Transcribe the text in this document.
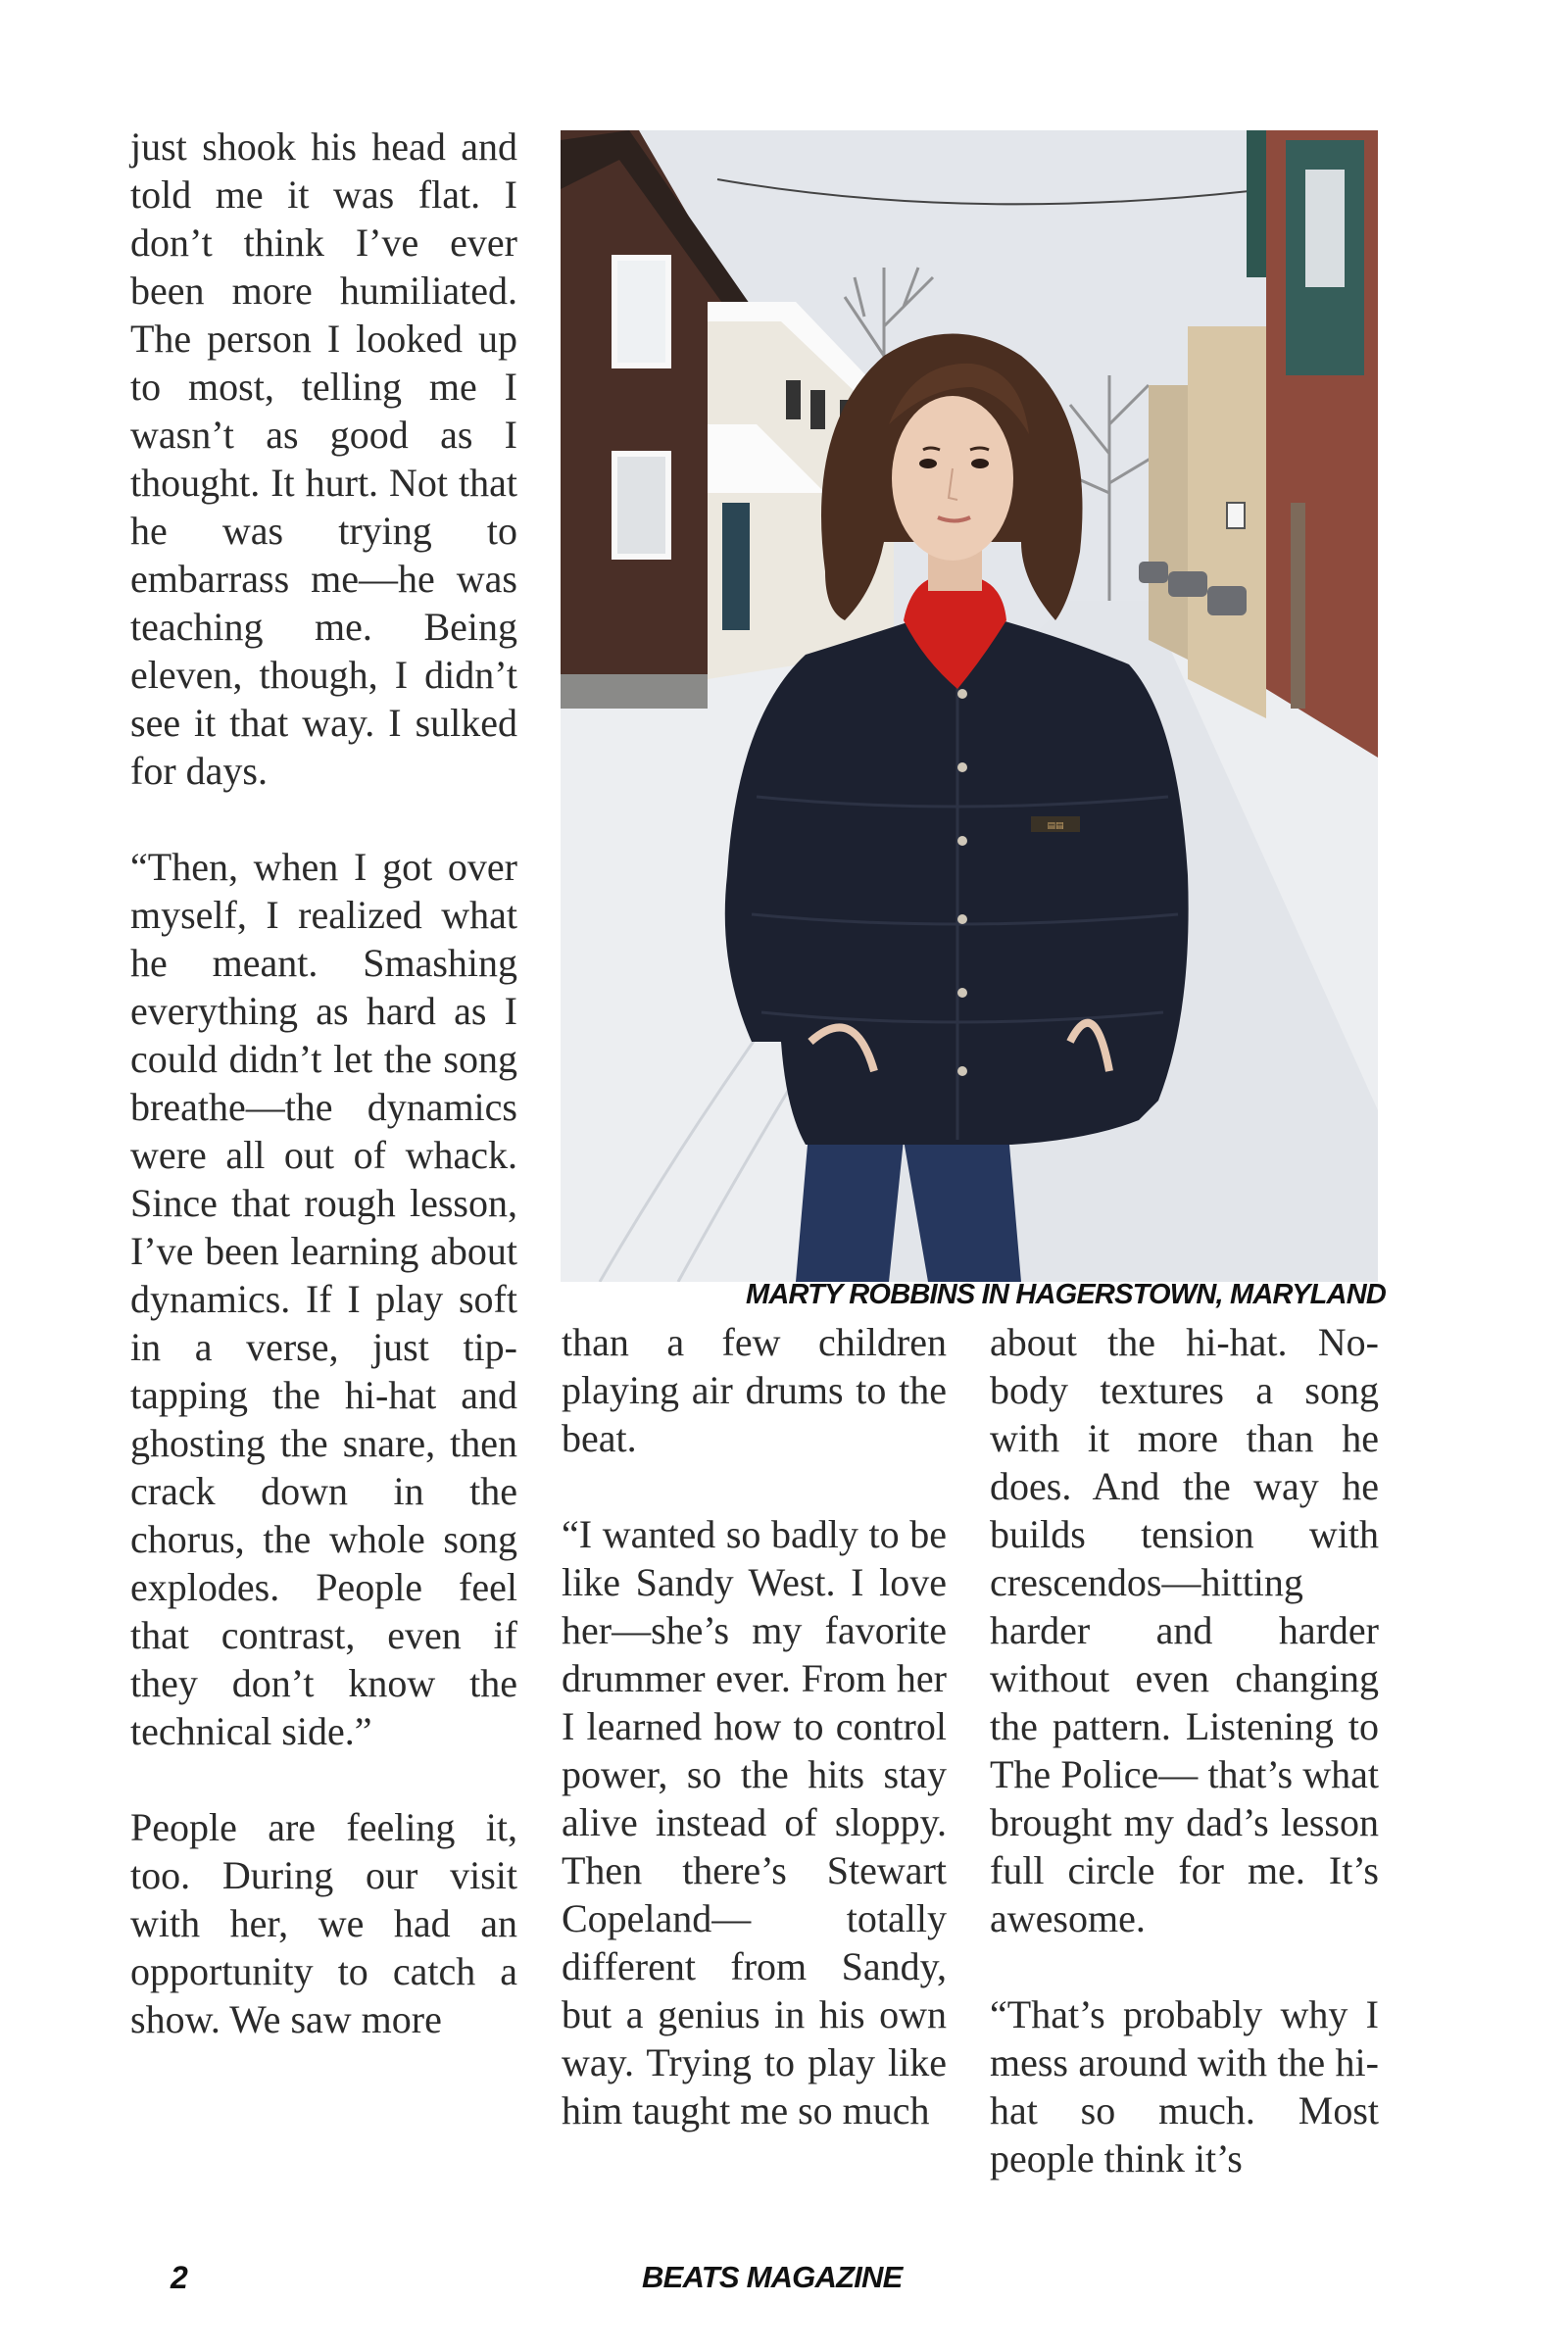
just shook his head and told me it was flat. I don’t think I’ve ever been more humiliated. The person I looked up to most, telling me I wasn’t as good as I thought. It hurt. Not that he was trying to embarrass me—he was teaching me. Being eleven, though, I didn’t see it that way. I sulked for days.

“Then, when I got over myself, I realized what he meant. Smashing everything as hard as I could didn’t let the song breathe—the dynamics were all out of whack. Since that rough lesson, I’ve been learning about dynamics. If I play soft in a verse, just tip-tapping the hi-hat and ghosting the snare, then crack down in the chorus, the whole song explodes. People feel that contrast, even if they don’t know the technical side.”

People are feeling it, too. During our visit with her, we had an opportunity to catch a show. We saw more

▤▤
MARTY ROBBINS IN HAGERSTOWN, MARYLAND

than a few children playing air drums to the beat.

“I wanted so badly to be like Sandy West. I love her—she’s my favorite drummer ever. From her I learned how to control power, so the hits stay alive instead of sloppy. Then there’s Stewart Copeland— totally different from Sandy, but a genius in his own way. Trying to play like him taught me so much

about the hi-hat. Nobody textures a song with it more than he does. And the way he builds tension with crescendos—hitting harder and harder without even changing the pattern. Listening to The Police— that’s what brought my dad’s lesson full circle for me. It’s awesome.

“That’s probably why I mess around with the hi-hat so much. Most people think it’s

2	BEATS MAGAZINE
